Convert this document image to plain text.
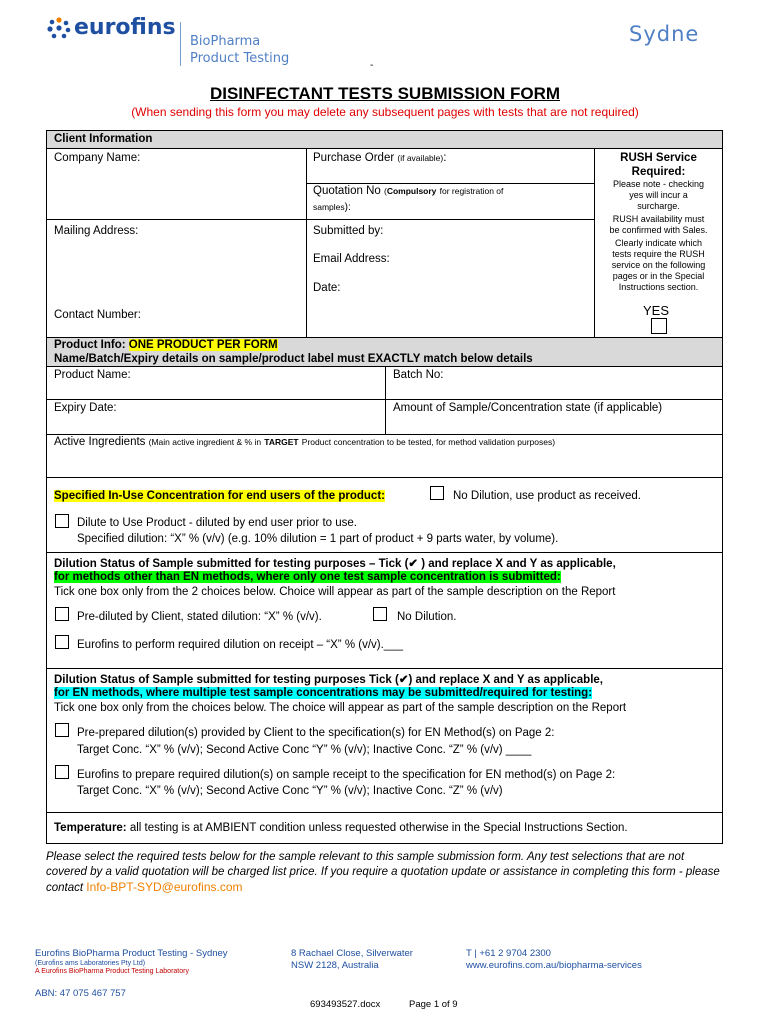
eurofins
BioPharma
Product Testing
Sydne
-
DISINFECTANT TESTS SUBMISSION FORM
(When sending this form you may delete any subsequent pages with tests that are not required)
Client Information
Company Name:	Purchase Order (if available):
Quotation No (Compulsory for registration of
samples):
Mailing Address:
Contact Number:
Submitted by:
Email Address:
Date:
RUSH Service
Required:
Please note - checking
yes will incur a
surcharge.
RUSH availability must
be confirmed with Sales.
Clearly indicate which
tests require the RUSH
service on the following
pages or in the Special
Instructions section.
YES
Product Info: ONE PRODUCT PER FORM
Name/Batch/Expiry details on sample/product label must EXACTLY match below details
Product Name:	Batch No:
Expiry Date:	Amount of Sample/Concentration state (if applicable)
Active Ingredients (Main active ingredient & % in TARGET Product concentration to be tested, for method validation purposes)
Specified In-Use Concentration for end users of the product:	No Dilution, use product as received.
Dilute to Use Product - diluted by end user prior to use.
Specified dilution: “X” % (v/v) (e.g. 10% dilution = 1 part of product + 9 parts water, by volume).
Dilution Status of Sample submitted for testing purposes – Tick (✔ ) and replace X and Y as applicable,
for methods other than EN methods, where only one test sample concentration is submitted:
Tick one box only from the 2 choices below. Choice will appear as part of the sample description on the Report
Pre-diluted by Client, stated dilution: “X” % (v/v).	No Dilution.
Eurofins to perform required dilution on receipt – “X” % (v/v).___
Dilution Status of Sample submitted for testing purposes Tick (✔) and replace X and Y as applicable,
for EN methods, where multiple test sample concentrations may be submitted/required for testing:
Tick one box only from the choices below. The choice will appear as part of the sample description on the Report
Pre-prepared dilution(s) provided by Client to the specification(s) for EN Method(s) on Page 2:
Target Conc. “X” % (v/v); Second Active Conc “Y” % (v/v); Inactive Conc. “Z” % (v/v) ____
Eurofins to prepare required dilution(s) on sample receipt to the specification for EN method(s) on Page 2:
Target Conc. “X” % (v/v); Second Active Conc “Y” % (v/v); Inactive Conc. “Z” % (v/v)
Temperature: all testing is at AMBIENT condition unless requested otherwise in the Special Instructions Section.
Please select the required tests below for the sample relevant to this sample submission form. Any test selections that are not covered by a valid quotation will be charged list price. If you require a quotation update or assistance in completing this form - please contact Info-BPT-SYD@eurofins.com
Eurofins BioPharma Product Testing - Sydney
(Eurofins ams Laboratories Pty Ltd)
A Eurofins BioPharma Product Testing Laboratory
8 Rachael Close, Silverwater
NSW 2128, Australia
T | +61 2 9704 2300
www.eurofins.com.au/biopharma-services
ABN: 47 075 467 757
693493527.docx	Page 1 of 9
